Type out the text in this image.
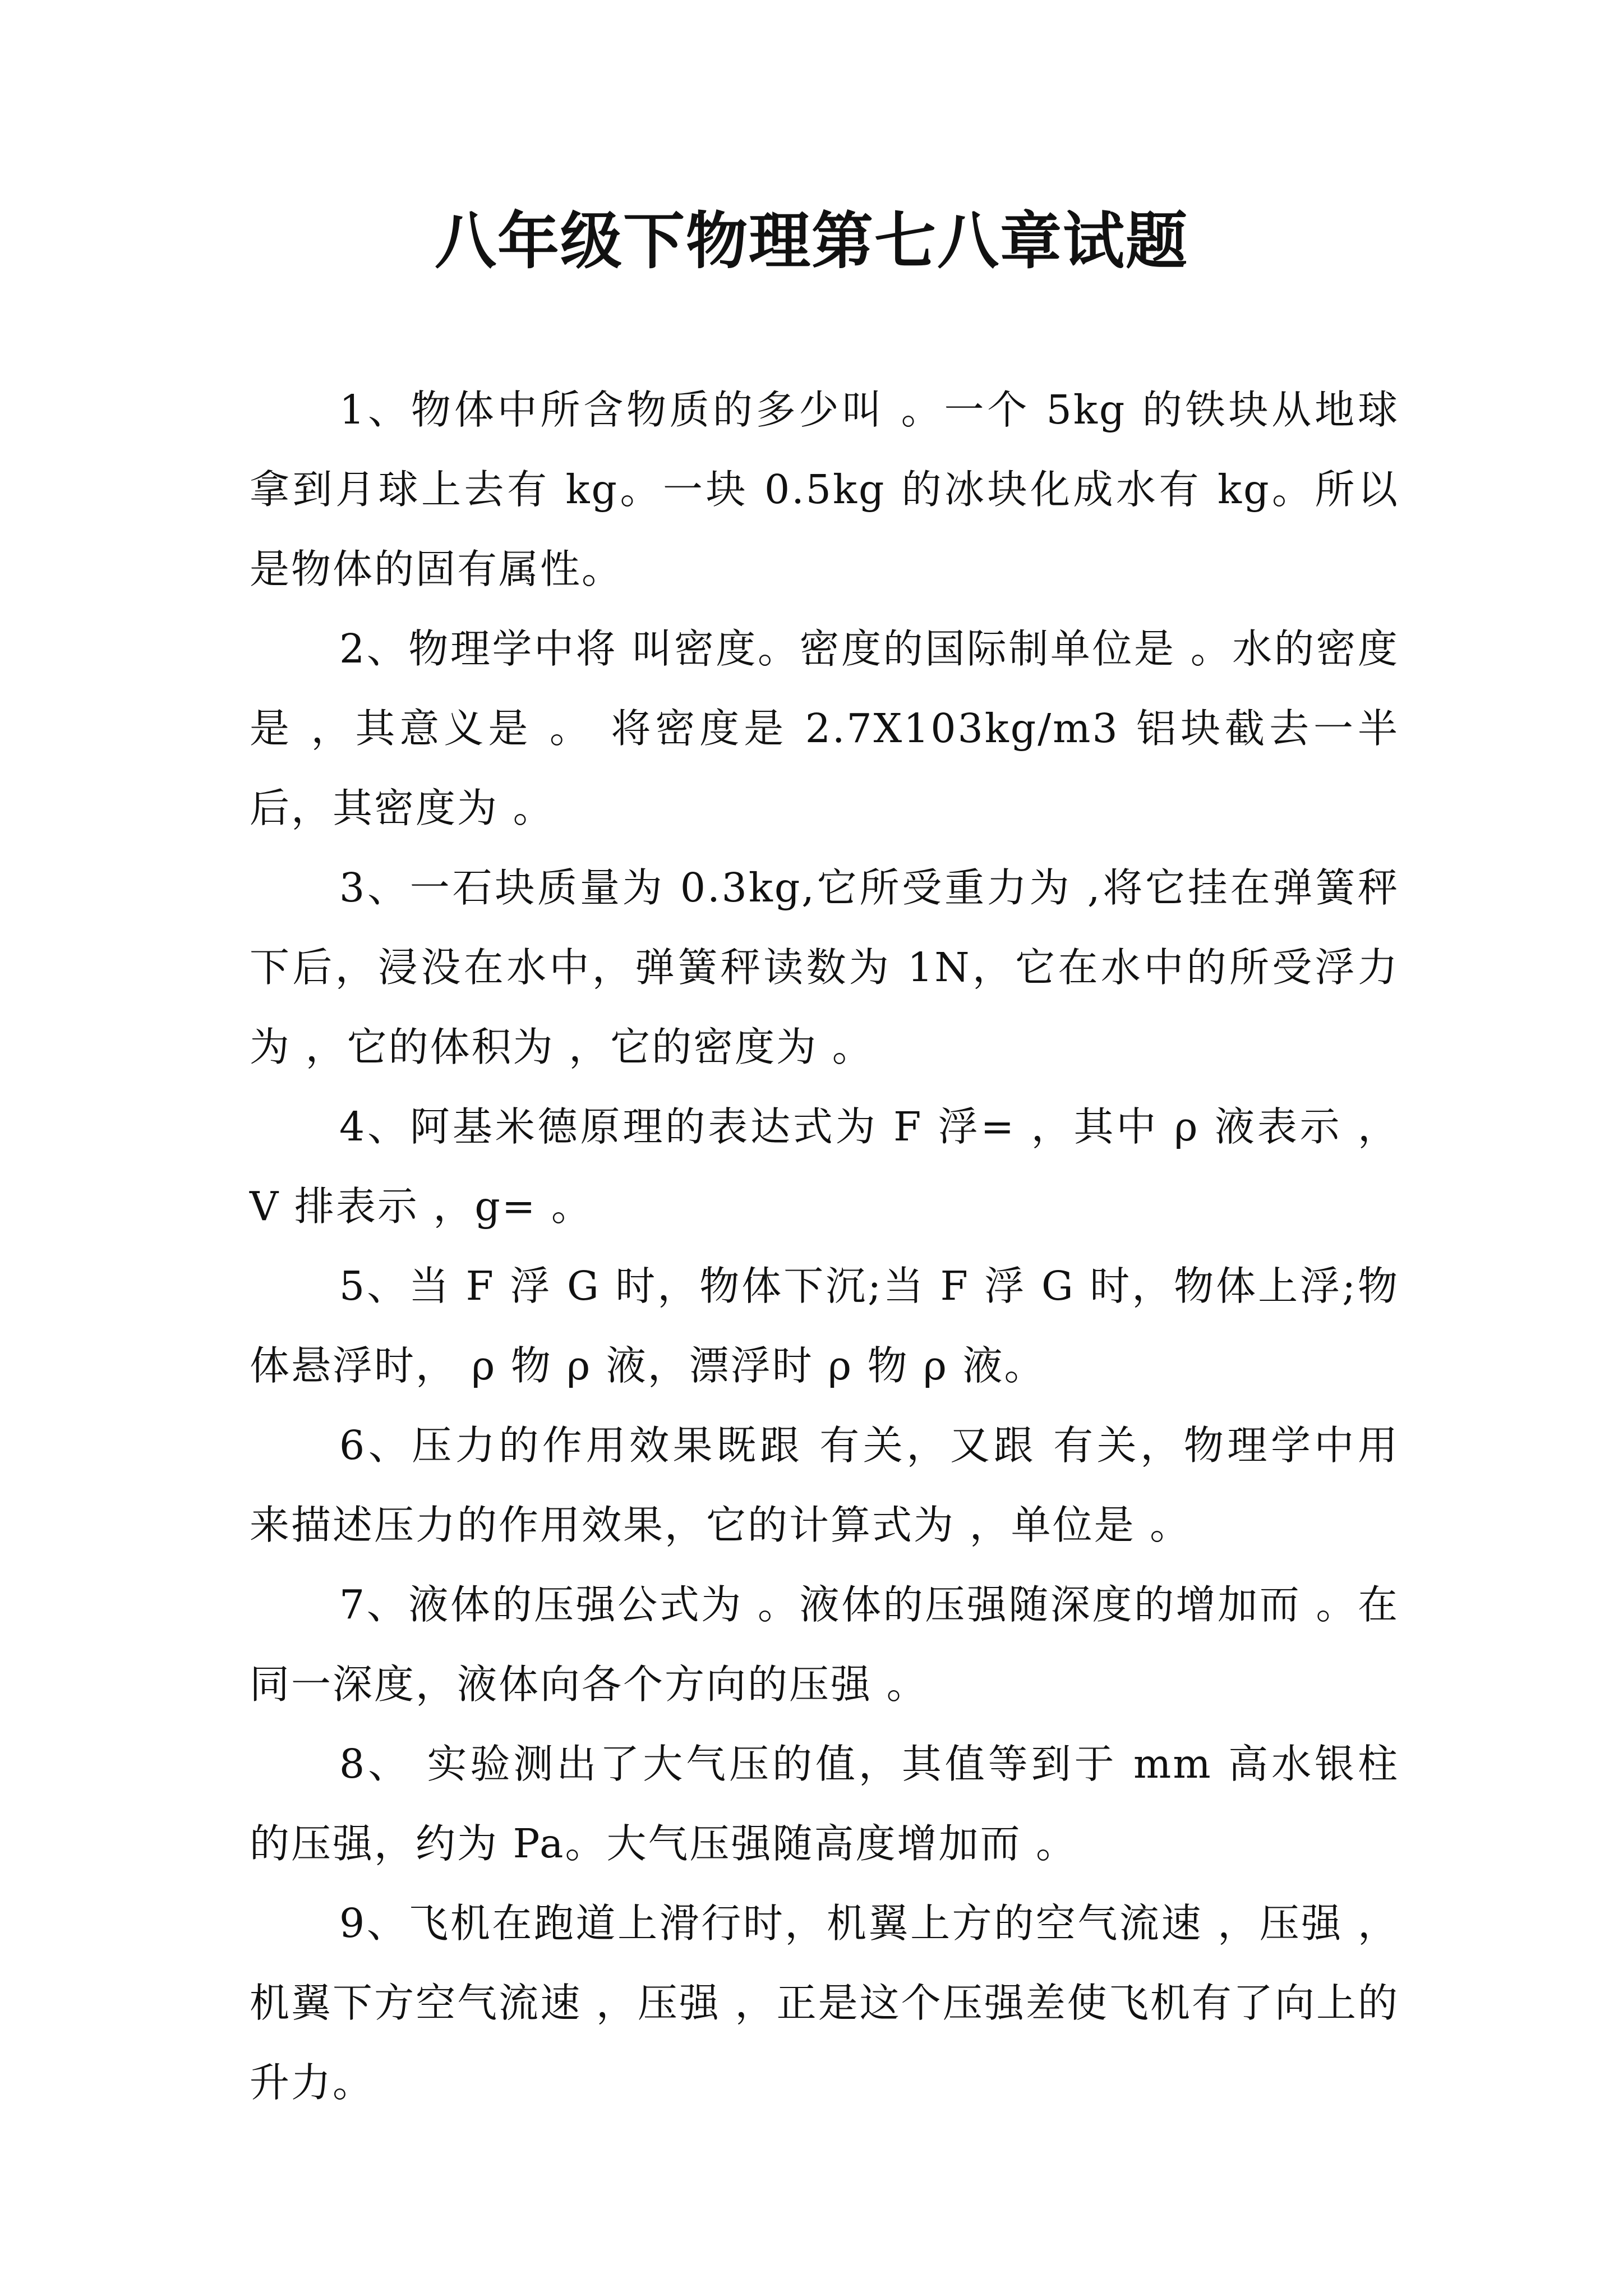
八年级下物理第七八章试题

1、物体中所含物质的多少叫 。一个 5kg 的铁块从地球拿到月球上去有 kg。一块 0.5kg 的冰块化成水有 kg。所以是物体的固有属性。

2、物理学中将 叫密度。密度的国际制单位是 。水的密度是 ，其意义是 。 将密度是 2.7X103kg/m3 铝块截去一半后，其密度为 。

3、一石块质量为 0.3kg,它所受重力为 ,将它挂在弹簧秤下后，浸没在水中，弹簧秤读数为 1N，它在水中的所受浮力为 ，它的体积为 ，它的密度为 。

4、阿基米德原理的表达式为 F 浮= ，其中 ρ 液表示 ，V 排表示 ，g= 。

5、当 F 浮 G 时，物体下沉;当 F 浮 G 时，物体上浮;物体悬浮时， ρ 物 ρ 液，漂浮时 ρ 物 ρ 液。

6、压力的作用效果既跟 有关，又跟 有关，物理学中用 来描述压力的作用效果，它的计算式为 ，单位是 。

7、液体的压强公式为 。液体的压强随深度的增加而 。在同一深度，液体向各个方向的压强 。

8、 实验测出了大气压的值，其值等到于 mm 高水银柱的压强，约为 Pa。大气压强随高度增加而 。

9、飞机在跑道上滑行时，机翼上方的空气流速 ，压强 ，机翼下方空气流速 ，压强 ，正是这个压强差使飞机有了向上的升力。
